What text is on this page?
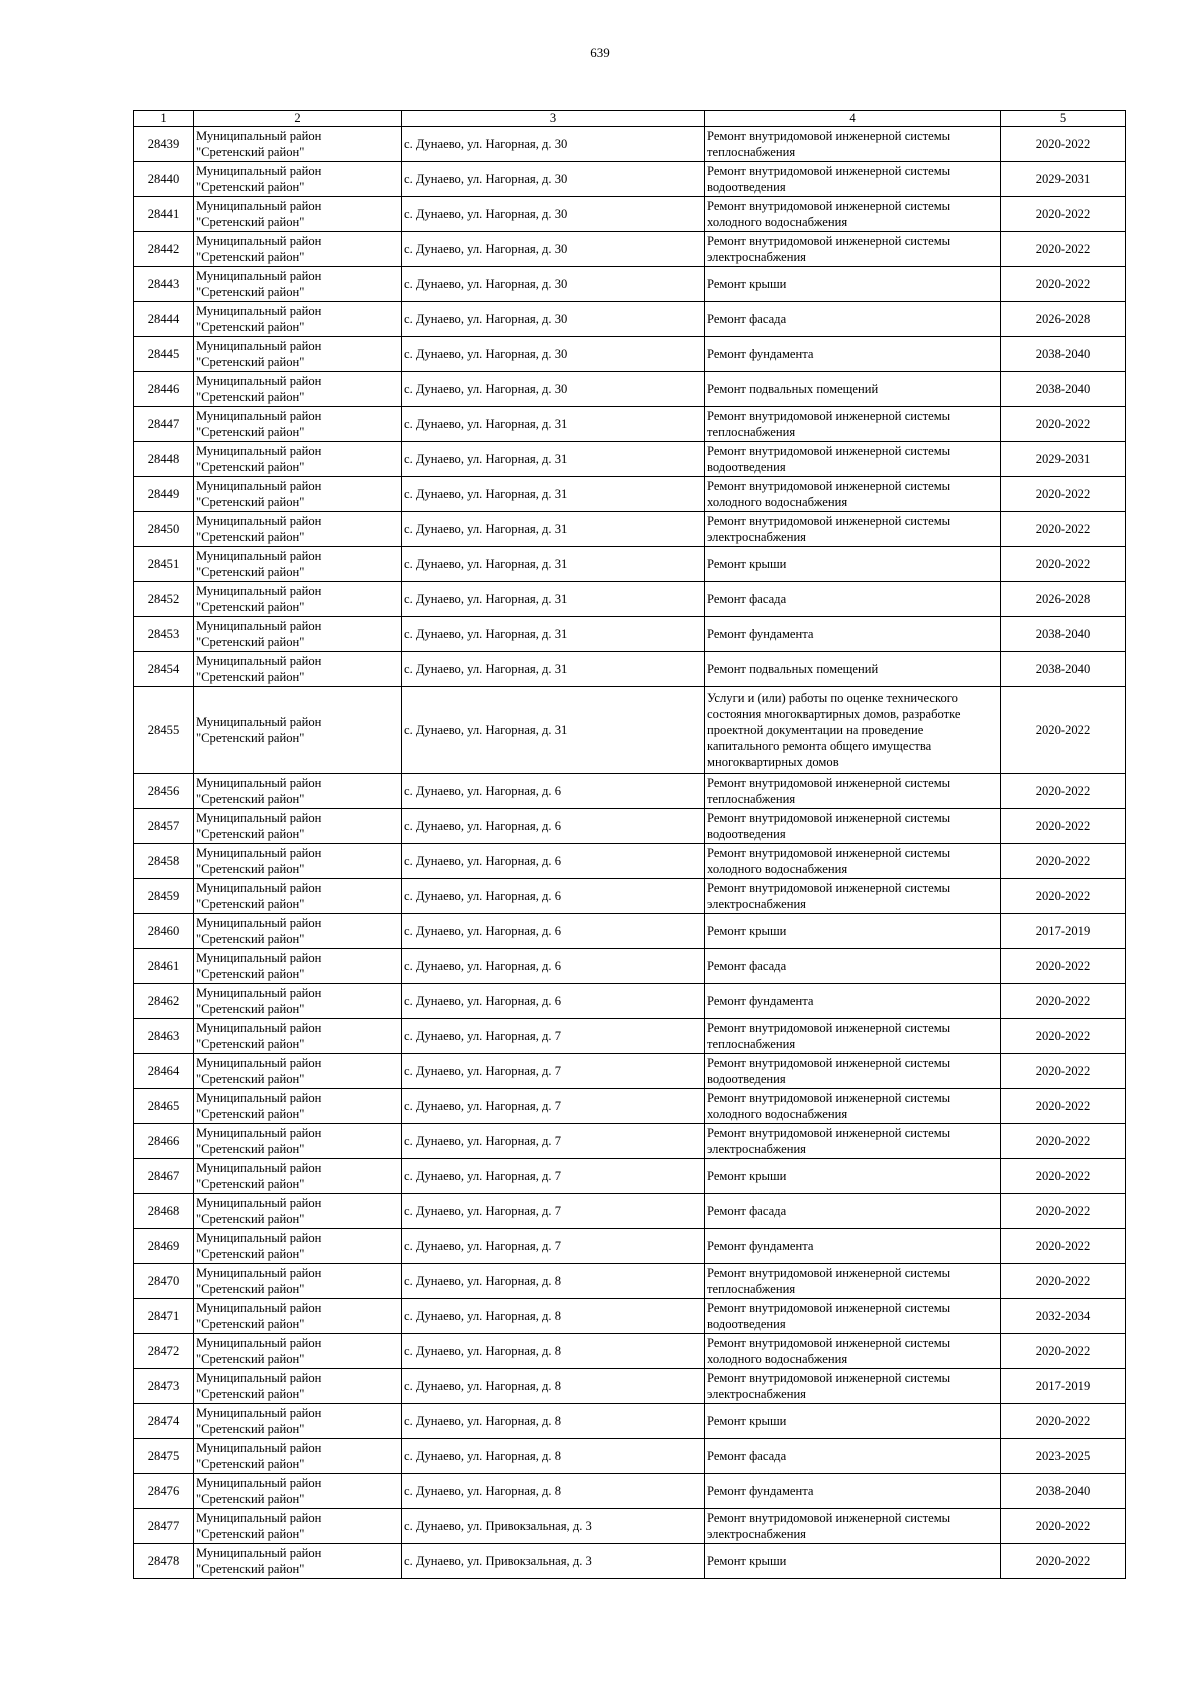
639
1	2	3	4	5
28439	Муниципальный район
"Сретенский район"	с. Дунаево, ул. Нагорная, д. 30	Ремонт внутридомовой инженерной системы теплоснабжения	2020-2022
28440	Муниципальный район
"Сретенский район"	с. Дунаево, ул. Нагорная, д. 30	Ремонт внутридомовой инженерной системы водоотведения	2029-2031
28441	Муниципальный район
"Сретенский район"	с. Дунаево, ул. Нагорная, д. 30	Ремонт внутридомовой инженерной системы холодного водоснабжения	2020-2022
28442	Муниципальный район
"Сретенский район"	с. Дунаево, ул. Нагорная, д. 30	Ремонт внутридомовой инженерной системы электроснабжения	2020-2022
28443	Муниципальный район
"Сретенский район"	с. Дунаево, ул. Нагорная, д. 30	Ремонт крыши	2020-2022
28444	Муниципальный район
"Сретенский район"	с. Дунаево, ул. Нагорная, д. 30	Ремонт фасада	2026-2028
28445	Муниципальный район
"Сретенский район"	с. Дунаево, ул. Нагорная, д. 30	Ремонт фундамента	2038-2040
28446	Муниципальный район
"Сретенский район"	с. Дунаево, ул. Нагорная, д. 30	Ремонт подвальных помещений	2038-2040
28447	Муниципальный район
"Сретенский район"	с. Дунаево, ул. Нагорная, д. 31	Ремонт внутридомовой инженерной системы теплоснабжения	2020-2022
28448	Муниципальный район
"Сретенский район"	с. Дунаево, ул. Нагорная, д. 31	Ремонт внутридомовой инженерной системы водоотведения	2029-2031
28449	Муниципальный район
"Сретенский район"	с. Дунаево, ул. Нагорная, д. 31	Ремонт внутридомовой инженерной системы холодного водоснабжения	2020-2022
28450	Муниципальный район
"Сретенский район"	с. Дунаево, ул. Нагорная, д. 31	Ремонт внутридомовой инженерной системы электроснабжения	2020-2022
28451	Муниципальный район
"Сретенский район"	с. Дунаево, ул. Нагорная, д. 31	Ремонт крыши	2020-2022
28452	Муниципальный район
"Сретенский район"	с. Дунаево, ул. Нагорная, д. 31	Ремонт фасада	2026-2028
28453	Муниципальный район
"Сретенский район"	с. Дунаево, ул. Нагорная, д. 31	Ремонт фундамента	2038-2040
28454	Муниципальный район
"Сретенский район"	с. Дунаево, ул. Нагорная, д. 31	Ремонт подвальных помещений	2038-2040
28455	Муниципальный район
"Сретенский район"	с. Дунаево, ул. Нагорная, д. 31	Услуги и (или) работы по оценке технического состояния многоквартирных домов, разработке проектной документации на проведение капитального ремонта общего имущества многоквартирных домов	2020-2022
28456	Муниципальный район
"Сретенский район"	с. Дунаево, ул. Нагорная, д. 6	Ремонт внутридомовой инженерной системы теплоснабжения	2020-2022
28457	Муниципальный район
"Сретенский район"	с. Дунаево, ул. Нагорная, д. 6	Ремонт внутридомовой инженерной системы водоотведения	2020-2022
28458	Муниципальный район
"Сретенский район"	с. Дунаево, ул. Нагорная, д. 6	Ремонт внутридомовой инженерной системы холодного водоснабжения	2020-2022
28459	Муниципальный район
"Сретенский район"	с. Дунаево, ул. Нагорная, д. 6	Ремонт внутридомовой инженерной системы электроснабжения	2020-2022
28460	Муниципальный район
"Сретенский район"	с. Дунаево, ул. Нагорная, д. 6	Ремонт крыши	2017-2019
28461	Муниципальный район
"Сретенский район"	с. Дунаево, ул. Нагорная, д. 6	Ремонт фасада	2020-2022
28462	Муниципальный район
"Сретенский район"	с. Дунаево, ул. Нагорная, д. 6	Ремонт фундамента	2020-2022
28463	Муниципальный район
"Сретенский район"	с. Дунаево, ул. Нагорная, д. 7	Ремонт внутридомовой инженерной системы теплоснабжения	2020-2022
28464	Муниципальный район
"Сретенский район"	с. Дунаево, ул. Нагорная, д. 7	Ремонт внутридомовой инженерной системы водоотведения	2020-2022
28465	Муниципальный район
"Сретенский район"	с. Дунаево, ул. Нагорная, д. 7	Ремонт внутридомовой инженерной системы холодного водоснабжения	2020-2022
28466	Муниципальный район
"Сретенский район"	с. Дунаево, ул. Нагорная, д. 7	Ремонт внутридомовой инженерной системы электроснабжения	2020-2022
28467	Муниципальный район
"Сретенский район"	с. Дунаево, ул. Нагорная, д. 7	Ремонт крыши	2020-2022
28468	Муниципальный район
"Сретенский район"	с. Дунаево, ул. Нагорная, д. 7	Ремонт фасада	2020-2022
28469	Муниципальный район
"Сретенский район"	с. Дунаево, ул. Нагорная, д. 7	Ремонт фундамента	2020-2022
28470	Муниципальный район
"Сретенский район"	с. Дунаево, ул. Нагорная, д. 8	Ремонт внутридомовой инженерной системы теплоснабжения	2020-2022
28471	Муниципальный район
"Сретенский район"	с. Дунаево, ул. Нагорная, д. 8	Ремонт внутридомовой инженерной системы водоотведения	2032-2034
28472	Муниципальный район
"Сретенский район"	с. Дунаево, ул. Нагорная, д. 8	Ремонт внутридомовой инженерной системы холодного водоснабжения	2020-2022
28473	Муниципальный район
"Сретенский район"	с. Дунаево, ул. Нагорная, д. 8	Ремонт внутридомовой инженерной системы электроснабжения	2017-2019
28474	Муниципальный район
"Сретенский район"	с. Дунаево, ул. Нагорная, д. 8	Ремонт крыши	2020-2022
28475	Муниципальный район
"Сретенский район"	с. Дунаево, ул. Нагорная, д. 8	Ремонт фасада	2023-2025
28476	Муниципальный район
"Сретенский район"	с. Дунаево, ул. Нагорная, д. 8	Ремонт фундамента	2038-2040
28477	Муниципальный район
"Сретенский район"	с. Дунаево, ул. Привокзальная, д. 3	Ремонт внутридомовой инженерной системы электроснабжения	2020-2022
28478	Муниципальный район
"Сретенский район"	с. Дунаево, ул. Привокзальная, д. 3	Ремонт крыши	2020-2022
